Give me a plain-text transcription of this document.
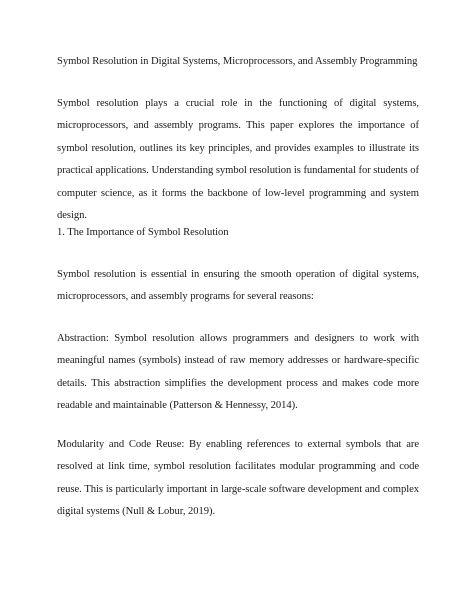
Symbol Resolution in Digital Systems, Microprocessors, and Assembly Programming
Symbol resolution plays a crucial role in the functioning of digital systems, microprocessors, and assembly programs. This paper explores the importance of symbol resolution, outlines its key principles, and provides examples to illustrate its practical applications. Understanding symbol resolution is fundamental for students of computer science, as it forms the backbone of low-level programming and system design.
1. The Importance of Symbol Resolution
Symbol resolution is essential in ensuring the smooth operation of digital systems, microprocessors, and assembly programs for several reasons:
Abstraction: Symbol resolution allows programmers and designers to work with meaningful names (symbols) instead of raw memory addresses or hardware-specific details. This abstraction simplifies the development process and makes code more readable and maintainable (Patterson & Hennessy, 2014).
Modularity and Code Reuse: By enabling references to external symbols that are resolved at link time, symbol resolution facilitates modular programming and code reuse. This is particularly important in large-scale software development and complex digital systems (Null & Lobur, 2019).
